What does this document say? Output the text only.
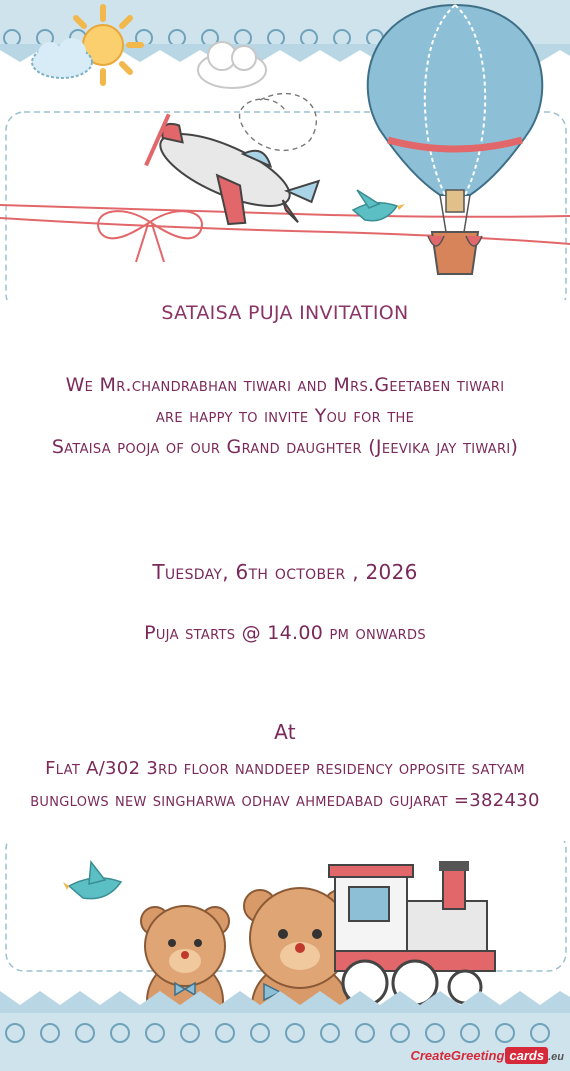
SATAISA PUJA INVITATION
We Mr.chandrabhan tiwari and Mrs.Geetaben tiwari
are happy to invite You for the
Sataisa pooja of our Grand daughter (Jeevika jay tiwari)
Tuesday, 6th october , 2026
Puja starts @ 14.00 pm onwards
At
Flat A/302 3rd floor nanddeep residency opposite satyam bunglows new singharwa odhav ahmedabad gujarat =382430
CreateGreeting cards .eu
